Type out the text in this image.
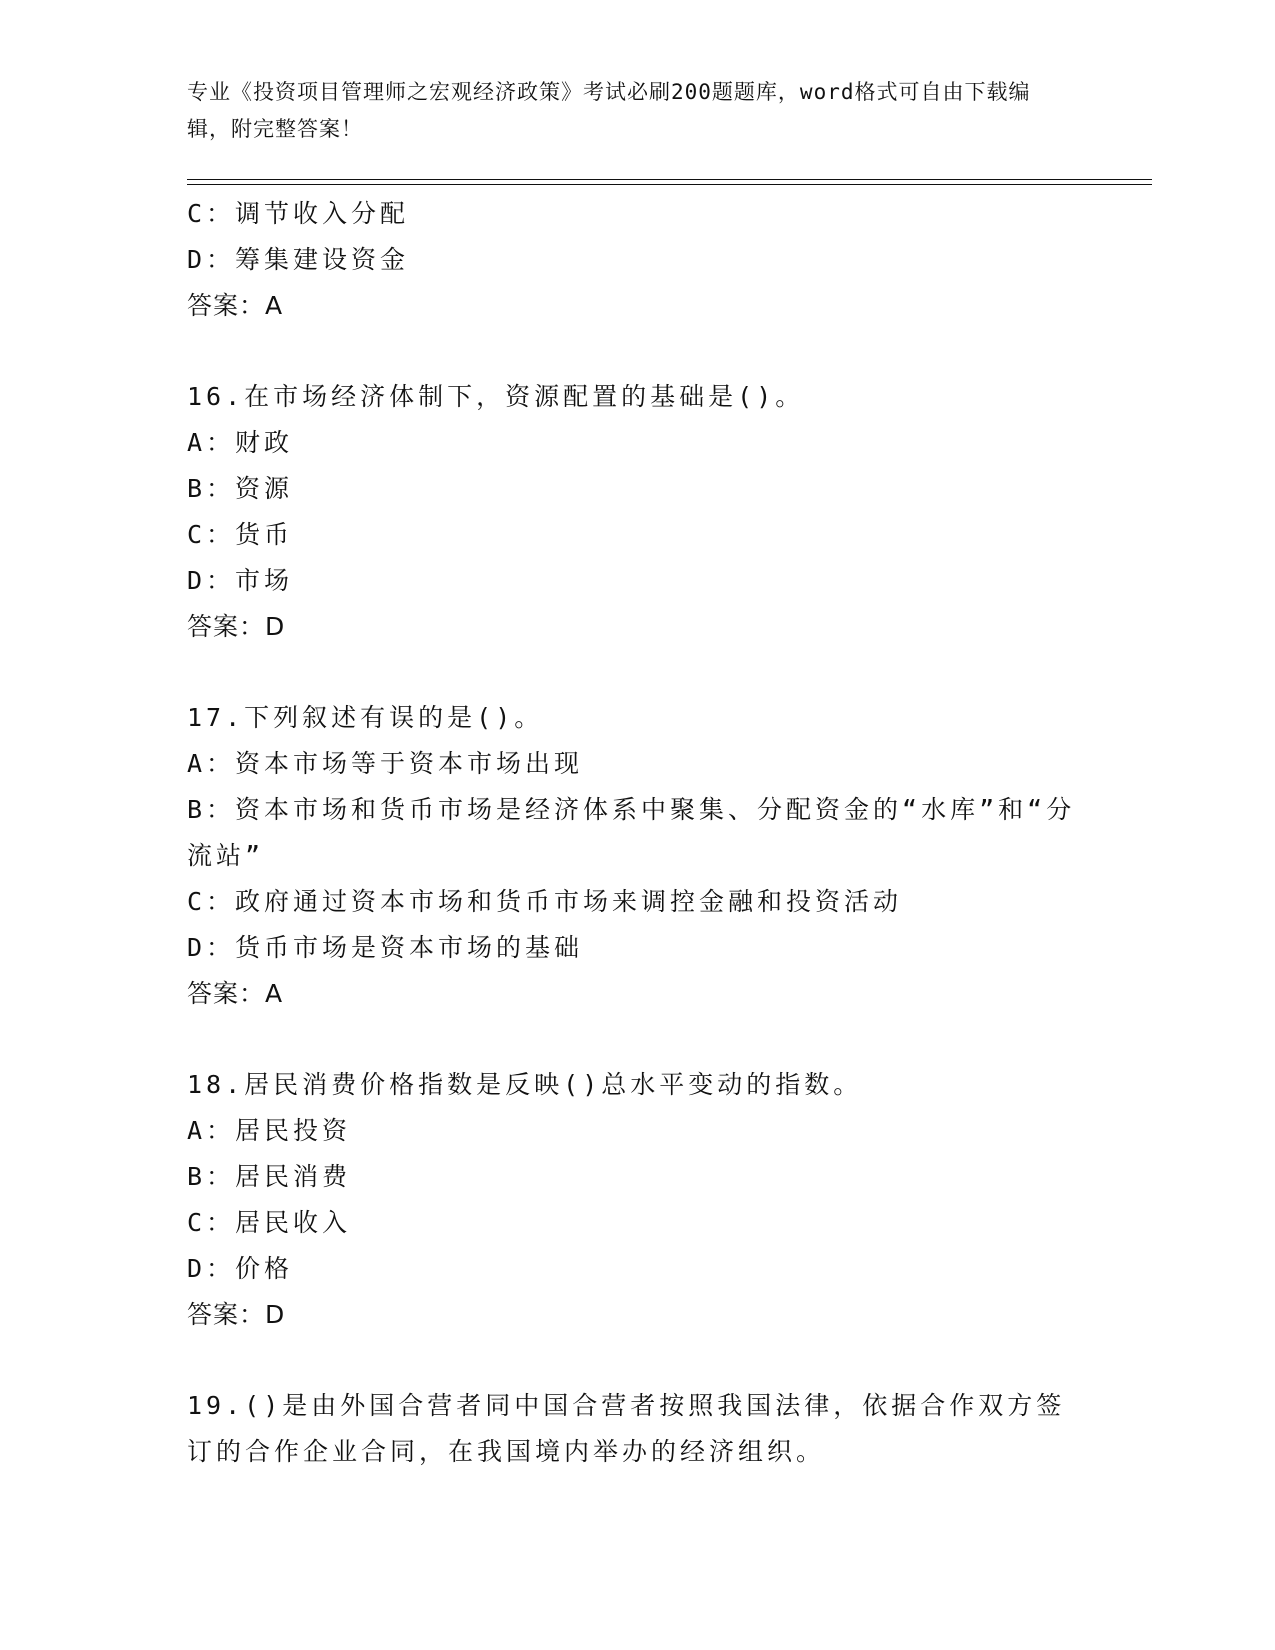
专业《投资项目管理师之宏观经济政策》考试必刷200题题库，word格式可自由下载编辑，附完整答案！
C：调节收入分配
D：筹集建设资金
答案：A
16.在市场经济体制下，资源配置的基础是()。
A：财政
B：资源
C：货币
D：市场
答案：D
17.下列叙述有误的是()。
A：资本市场等于资本市场出现
B：资本市场和货币市场是经济体系中聚集、分配资金的“水库”和“分流站”
C：政府通过资本市场和货币市场来调控金融和投资活动
D：货币市场是资本市场的基础
答案：A
18.居民消费价格指数是反映()总水平变动的指数。
A：居民投资
B：居民消费
C：居民收入
D：价格
答案：D
19.()是由外国合营者同中国合营者按照我国法律，依据合作双方签订的合作企业合同，在我国境内举办的经济组织。
